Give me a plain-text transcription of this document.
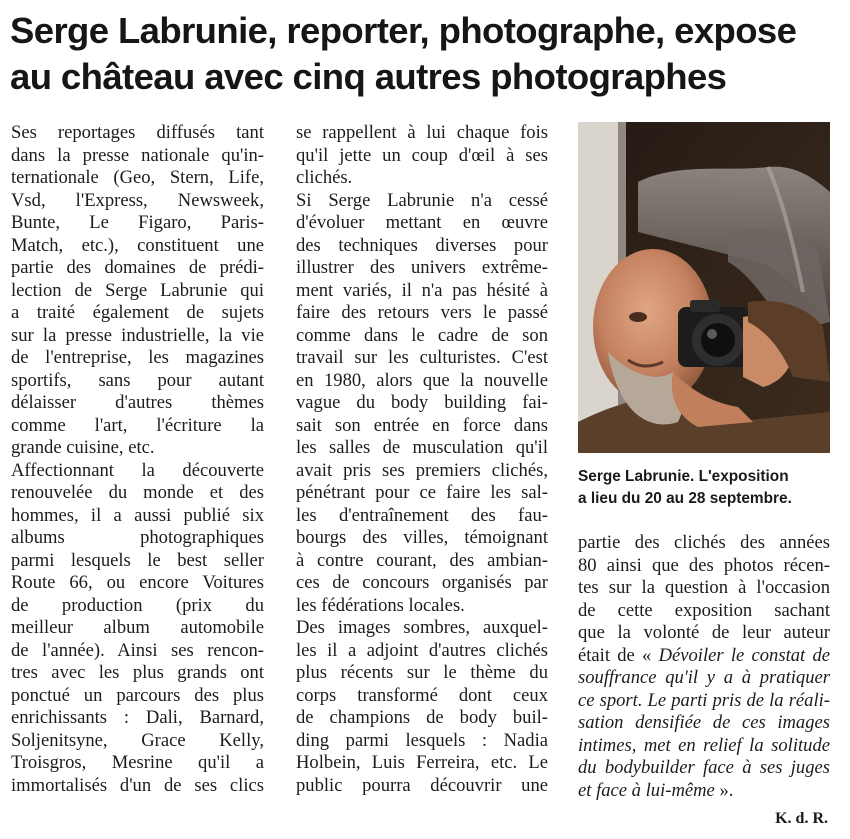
Serge Labrunie, reporter, photographe, expose
au château avec cinq autres photographes
Ses reportages diffusés tant
dans la presse nationale qu'in-
ternationale (Geo, Stern, Life,
Vsd, l'Express, Newsweek,
Bunte, Le Figaro, Paris-
Match, etc.), constituent une
partie des domaines de prédi-
lection de Serge Labrunie qui
a traité également de sujets
sur la presse industrielle, la vie
de l'entreprise, les magazines
sportifs, sans pour autant
délaisser d'autres thèmes
comme l'art, l'écriture la
grande cuisine, etc.
Affectionnant la découverte
renouvelée du monde et des
hommes, il a aussi publié six
albums photographiques
parmi lesquels le best seller
Route 66, ou encore Voitures
de production (prix du
meilleur album automobile
de l'année). Ainsi ses rencon-
tres avec les plus grands ont
ponctué un parcours des plus
enrichissants : Dali, Barnard,
Soljenitsyne, Grace Kelly,
Troisgros, Mesrine qu'il a
immortalisés d'un de ses clics
se rappellent à lui chaque fois
qu'il jette un coup d'œil à ses
clichés.
Si Serge Labrunie n'a cessé
d'évoluer mettant en œuvre
des techniques diverses pour
illustrer des univers extrême-
ment variés, il n'a pas hésité à
faire des retours vers le passé
comme dans le cadre de son
travail sur les culturistes. C'est
en 1980, alors que la nouvelle
vague du body building fai-
sait son entrée en force dans
les salles de musculation qu'il
avait pris ses premiers clichés,
pénétrant pour ce faire les sal-
les d'entraînement des fau-
bourgs des villes, témoignant
à contre courant, des ambian-
ces de concours organisés par
les fédérations locales.
Des images sombres, auxquel-
les il a adjoint d'autres clichés
plus récents sur le thème du
corps transformé dont ceux
de champions de body buil-
ding parmi lesquels : Nadia
Holbein, Luis Ferreira, etc. Le
public pourra découvrir une
Serge Labrunie. L'exposition
a lieu du 20 au 28 septembre.
partie des clichés des années
80 ainsi que des photos récen-
tes sur la question à l'occasion
de cette exposition sachant
que la volonté de leur auteur
était de « Dévoiler le constat de
souffrance qu'il y a à pratiquer
ce sport. Le parti pris de la réali-
sation densifiée de ces images
intimes, met en relief la solitude
du bodybuilder face à ses juges
et face à lui-même ».
K. d. R.
